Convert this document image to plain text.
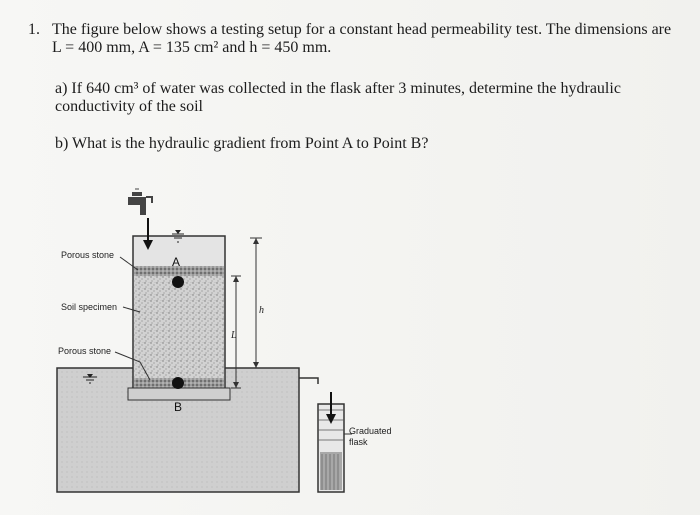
1. The figure below shows a testing setup for a constant head permeability test. The dimensions are
L = 400 mm, A = 135 cm² and h = 450 mm.
a) If 640 cm³ of water was collected in the flask after 3 minutes, determine the hydraulic
conductivity of the soil
b) What is the hydraulic gradient from Point A to Point B?
Porous stone
Soil specimen
Porous stone
A
B
h
L
Graduated
flask
